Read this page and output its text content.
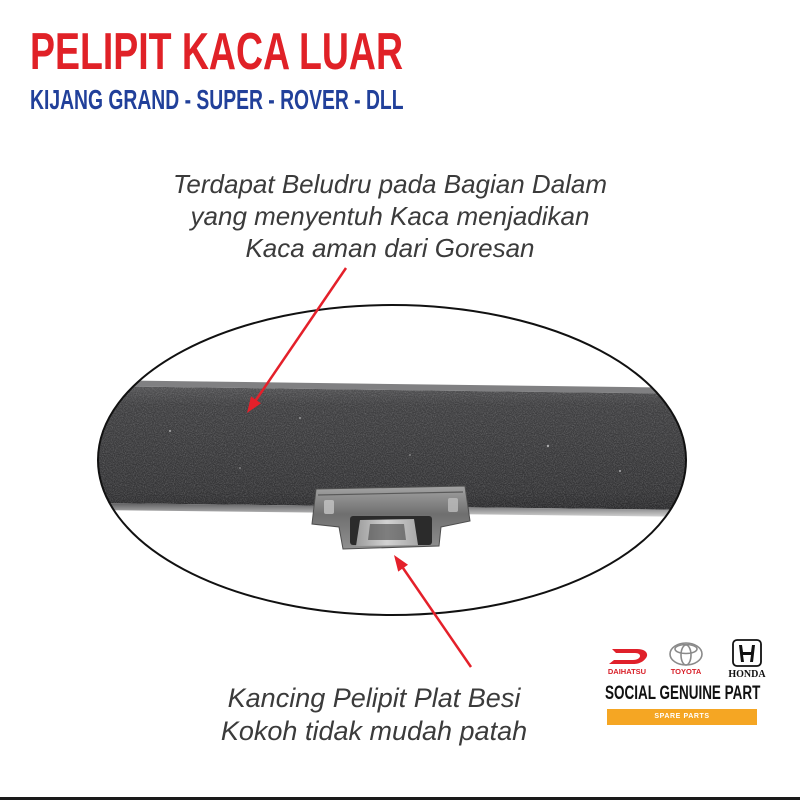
PELIPIT KACA LUAR
KIJANG GRAND - SUPER - ROVER - DLL
Terdapat Beludru pada Bagian Dalam
yang menyentuh Kaca menjadikan
Kaca aman dari Goresan
Kancing Pelipit Plat Besi
Kokoh tidak mudah patah
DAIHATSU	TOYOTA	HONDA
SOCIAL GENUINE PART
SPARE PARTS
